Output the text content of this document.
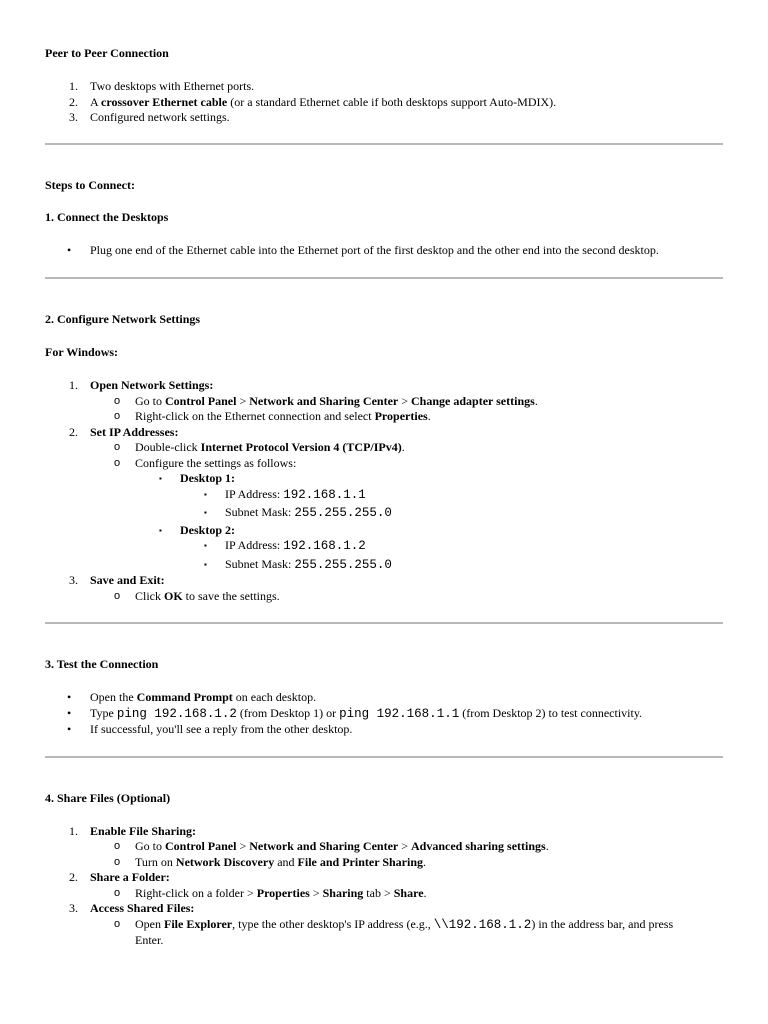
Peer to Peer Connection
1. Two desktops with Ethernet ports.
2. A crossover Ethernet cable (or a standard Ethernet cable if both desktops support Auto-MDIX).
3. Configured network settings.

Steps to Connect:

1. Connect the Desktops
• Plug one end of the Ethernet cable into the Ethernet port of the first desktop and the other end into the second desktop.
2. Configure Network Settings

For Windows:

1. Open Network Settings:
o Go to Control Panel > Network and Sharing Center > Change adapter settings.
o Right-click on the Ethernet connection and select Properties.
2. Set IP Addresses:
o Double-click Internet Protocol Version 4 (TCP/IPv4).
o Configure the settings as follows:
▪ Desktop 1:
▪ IP Address: 192.168.1.1
▪ Subnet Mask: 255.255.255.0
▪ Desktop 2:
▪ IP Address: 192.168.1.2
▪ Subnet Mask: 255.255.255.0
3. Save and Exit:
o Click OK to save the settings.
3. Test the Connection
• Open the Command Prompt on each desktop.
• Type ping 192.168.1.2 (from Desktop 1) or ping 192.168.1.1 (from Desktop 2) to test connectivity.
• If successful, you'll see a reply from the other desktop.
4. Share Files (Optional)
1. Enable File Sharing:
o Go to Control Panel > Network and Sharing Center > Advanced sharing settings.
o Turn on Network Discovery and File and Printer Sharing.
2. Share a Folder:
o Right-click on a folder > Properties > Sharing tab > Share.
3. Access Shared Files:
o Open File Explorer, type the other desktop's IP address (e.g., \\192.168.1.2) in the address bar, and press Enter.
